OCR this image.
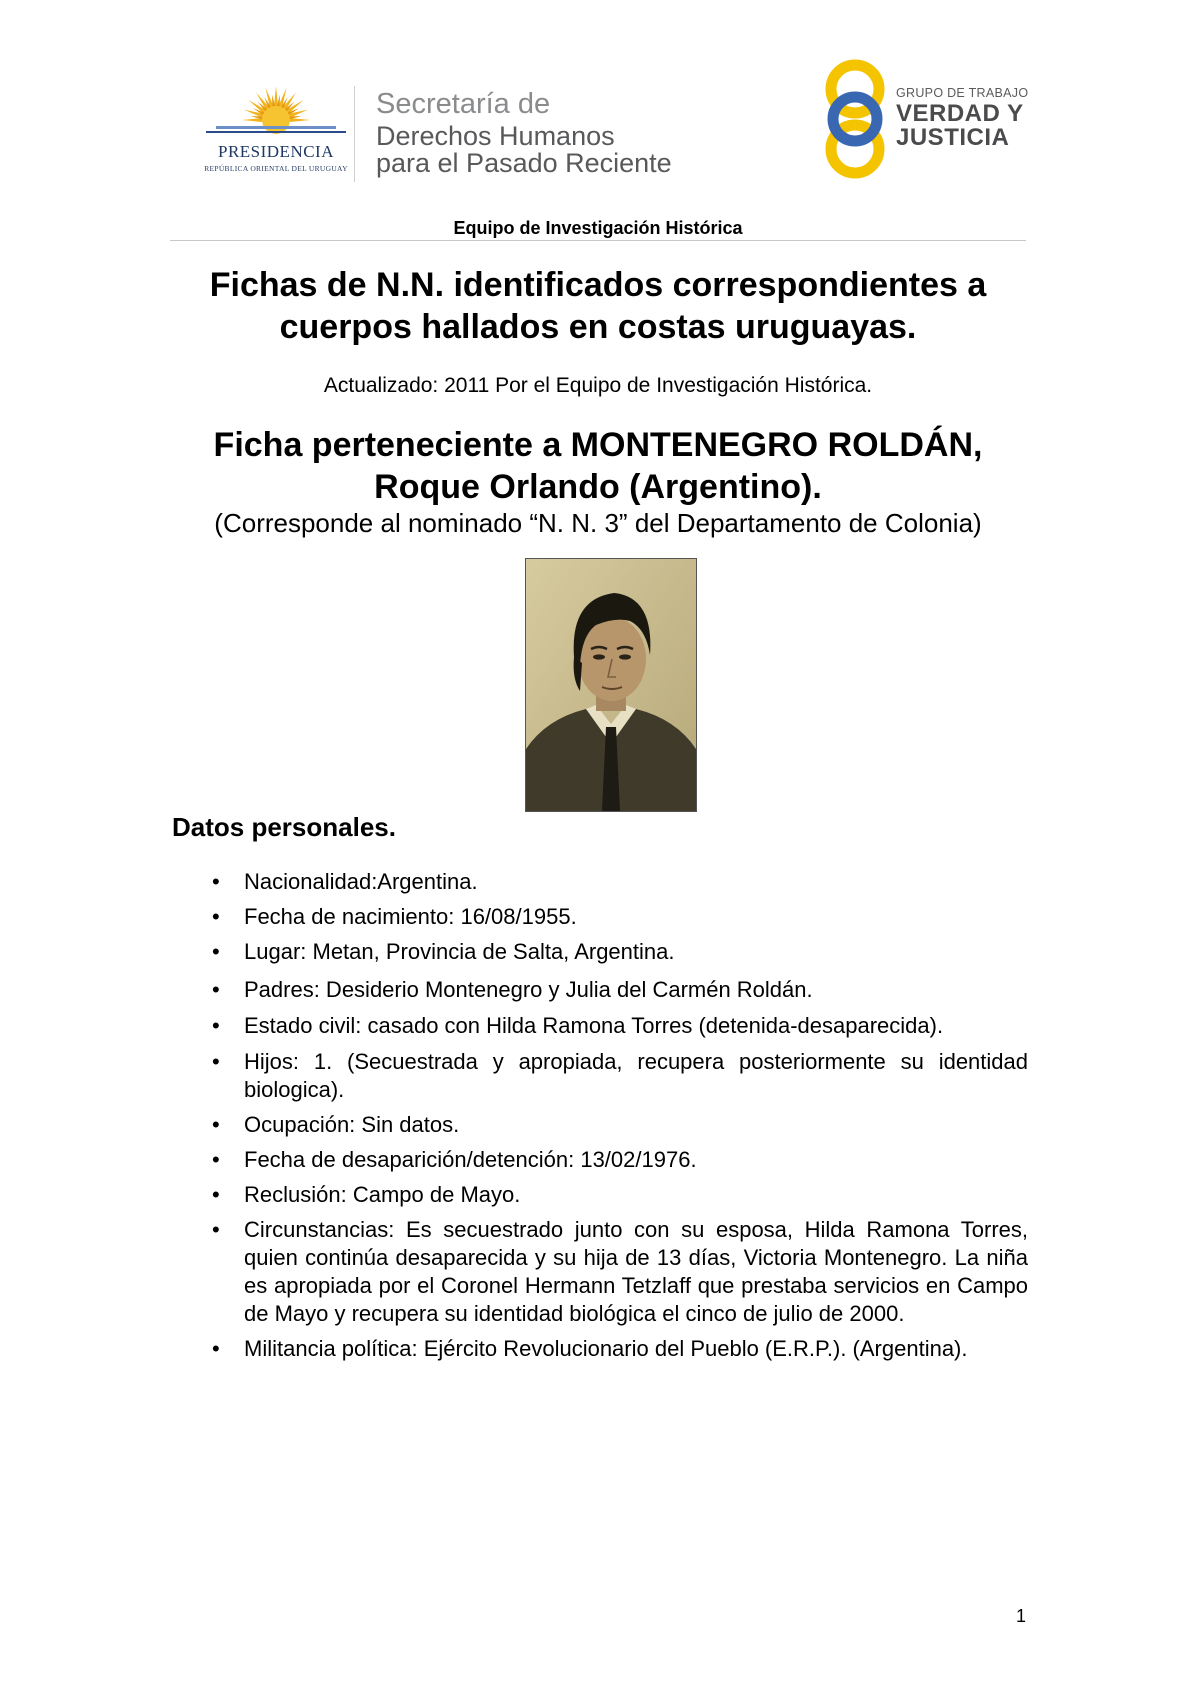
PRESIDENCIA
REPÚBLICA ORIENTAL DEL URUGUAY
Secretaría de
Derechos Humanos
para el Pasado Reciente
GRUPO DE TRABAJO
VERDAD Y
JUSTICIA
Equipo de Investigación Histórica
Fichas de N.N. identificados correspondientes a
cuerpos hallados en costas uruguayas.
Actualizado: 2011 Por el Equipo de Investigación Histórica.
Ficha perteneciente a MONTENEGRO ROLDÁN,
Roque Orlando (Argentino).
(Corresponde al nominado “N. N. 3” del Departamento de Colonia)
Datos personales.
• Nacionalidad:Argentina.
• Fecha de nacimiento: 16/08/1955.
• Lugar: Metan, Provincia de Salta, Argentina.
• Padres: Desiderio Montenegro y Julia del Carmén Roldán.
• Estado civil: casado con Hilda Ramona Torres (detenida-desaparecida).
• Hijos: 1. (Secuestrada y apropiada, recupera posteriormente su identidad biologica).
• Ocupación: Sin datos.
• Fecha de desaparición/detención: 13/02/1976.
• Reclusión: Campo de Mayo.
• Circunstancias: Es secuestrado junto con su esposa, Hilda Ramona Torres, quien continúa desaparecida y su hija de 13 días, Victoria Montenegro. La niña es apropiada por el Coronel Hermann Tetzlaff que prestaba servicios en Campo de Mayo y recupera su identidad biológica el cinco de julio de 2000.
• Militancia política: Ejército Revolucionario del Pueblo (E.R.P.). (Argentina).
1
